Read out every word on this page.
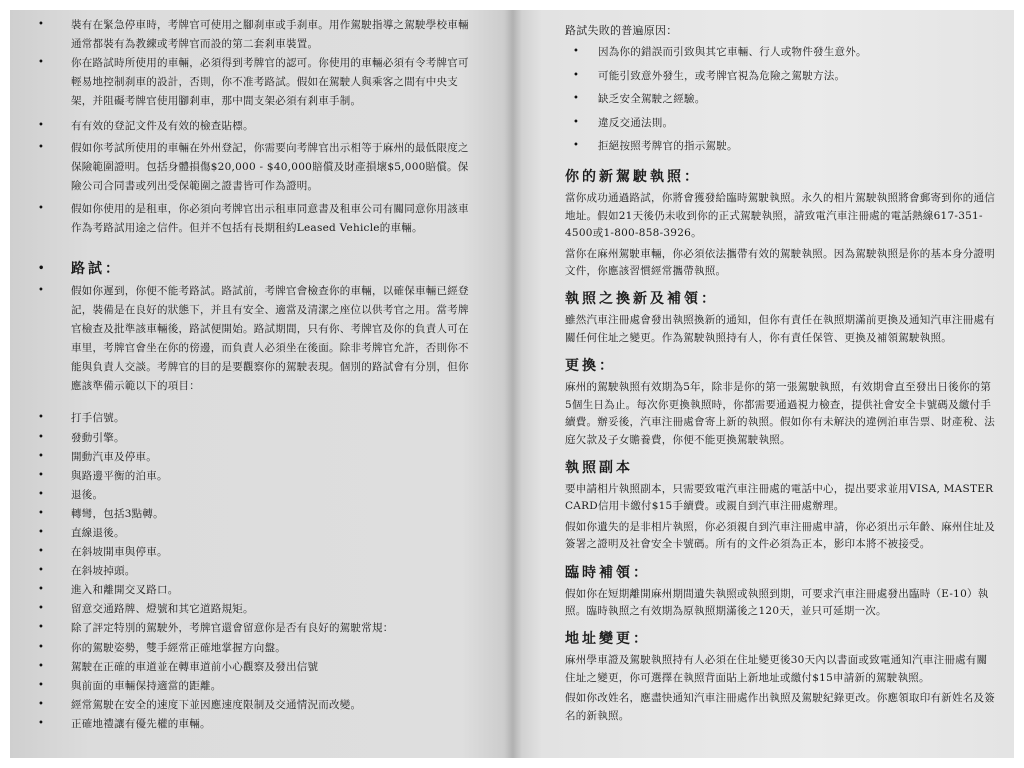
• 裝有在緊急停車時，考牌官可使用之腳刹車或手刹車。用作駕駛指導之駕駛學校車輛通常都裝有為教練或考牌官而設的第二套剎車裝置。
• 你在路試時所使用的車輛，必須得到考牌官的認可。你使用的車輛必須有令考牌官可輕易地控制刹車的設計，否則，你不准考路試。假如在駕駛人與乘客之間有中央支架，并阻礙考牌官使用腳剎車，那中間支架必須有剎車手制。
• 有有效的登記文件及有效的檢查貼標。
• 假如你考試所使用的車輛在外州登記，你需要向考牌官出示相等于麻州的最低限度之保險範圍證明。包括身體損傷$20,000 - $40,000賠償及財產損壞$5,000賠償。保險公司合同書或列出受保範圍之證書皆可作為證明。
• 假如你使用的是租車，你必須向考牌官出示租車同意書及租車公司有關同意你用該車作為考路試用途之信件。但并不包括有長期租約Leased Vehicle的車輛。
• 路試：
• 假如你遲到，你便不能考路試。路試前，考牌官會檢查你的車輛，以確保車輛已經登記，裝備是在良好的狀態下，并且有安全、適當及清潔之座位以供考官之用。當考牌官檢查及批準該車輛後，路試便開始。路試期間，只有你、考牌官及你的負責人可在車里，考牌官會坐在你的傍邊，而負責人必須坐在後面。除非考牌官允許，否則你不能與負責人交談。考牌官的目的是要觀察你的駕駛表現。個別的路試會有分別，但你應該準備示範以下的項目：
• 打手信號。
• 發動引擎。
• 開動汽車及停車。
• 與路邊平衡的泊車。
• 退後。
• 轉彎，包括3點轉。
• 直線退後。
• 在斜坡開車與停車。
• 在斜坡掉頭。
• 進入和離開交叉路口。
• 留意交通路牌、燈號和其它道路規矩。
• 除了評定特別的駕駛外，考牌官還會留意你是否有良好的駕駛常規：
• 你的駕駛姿勢，雙手經常正確地掌握方向盤。
• 駕駛在正確的車道並在轉車道前小心觀察及發出信號
• 與前面的車輛保持適當的距離。
• 經常駕駛在安全的速度下並因應速度限制及交通情況而改變。
• 正確地禮讓有優先權的車輛。
路試失敗的普遍原因：
• 因為你的錯誤而引致與其它車輛、行人或物件發生意外。
• 可能引致意外發生，或考牌官視為危險之駕駛方法。
• 缺乏安全駕駛之經驗。
• 違反交通法則。
• 拒絕按照考牌官的指示駕駛。
你的新駕駛執照：
當你成功通過路試，你將會獲發給臨時駕駛執照。永久的相片駕駛執照將會郵寄到你的通信地址。假如21天後仍未收到你的正式駕駛執照，請致電汽車注冊處的電話熱線617-351-4500或1-800-858-3926。
當你在麻州駕駛車輛，你必須依法攜帶有效的駕駛執照。因為駕駛執照是你的基本身分證明文件，你應該習慣經常攜帶執照。
執照之換新及補領：
雖然汽車注冊處會發出執照換新的通知，但你有責任在執照期滿前更換及通知汽車注冊處有關任何住址之變更。作為駕駛執照持有人，你有責任保管、更換及補領駕駛執照。
更換：
麻州的駕駛執照有效期為5年，除非是你的第一張駕駛執照，有效期會直至發出日後你的第5個生日為止。每次你更換執照時，你都需要通過視力檢查，提供社會安全卡號碼及繳付手續費。辦妥後，汽車注冊處會寄上新的執照。假如你有未解決的違例泊車告票、財產稅、法庭欠款及子女贍養費，你便不能更換駕駛執照。
執照副本
要申請相片執照副本，只需要致電汽車注冊處的電話中心，提出要求並用VISA, MASTER CARD信用卡繳付$15手續費。或親自到汽車注冊處辦理。
假如你遺失的是非相片執照，你必須親自到汽車注冊處申請，你必須出示年齡、麻州住址及簽署之證明及社會安全卡號碼。所有的文件必須為正本，影印本將不被接受。
臨時補領：
假如你在短期離開麻州期間遺失執照或執照到期，可要求汽車注冊處發出臨時（E-10）執照。臨時執照之有效期為原執照期滿後之120天，並只可延期一次。
地址變更：
麻州學車證及駕駛執照持有人必須在住址變更後30天內以書面或致電通知汽車注冊處有關住址之變更，你可選擇在執照背面貼上新地址或繳付$15申請新的駕駛執照。
假如你改姓名，應盡快通知汽車注冊處作出執照及駕駛紀錄更改。你應領取印有新姓名及簽名的新執照。
